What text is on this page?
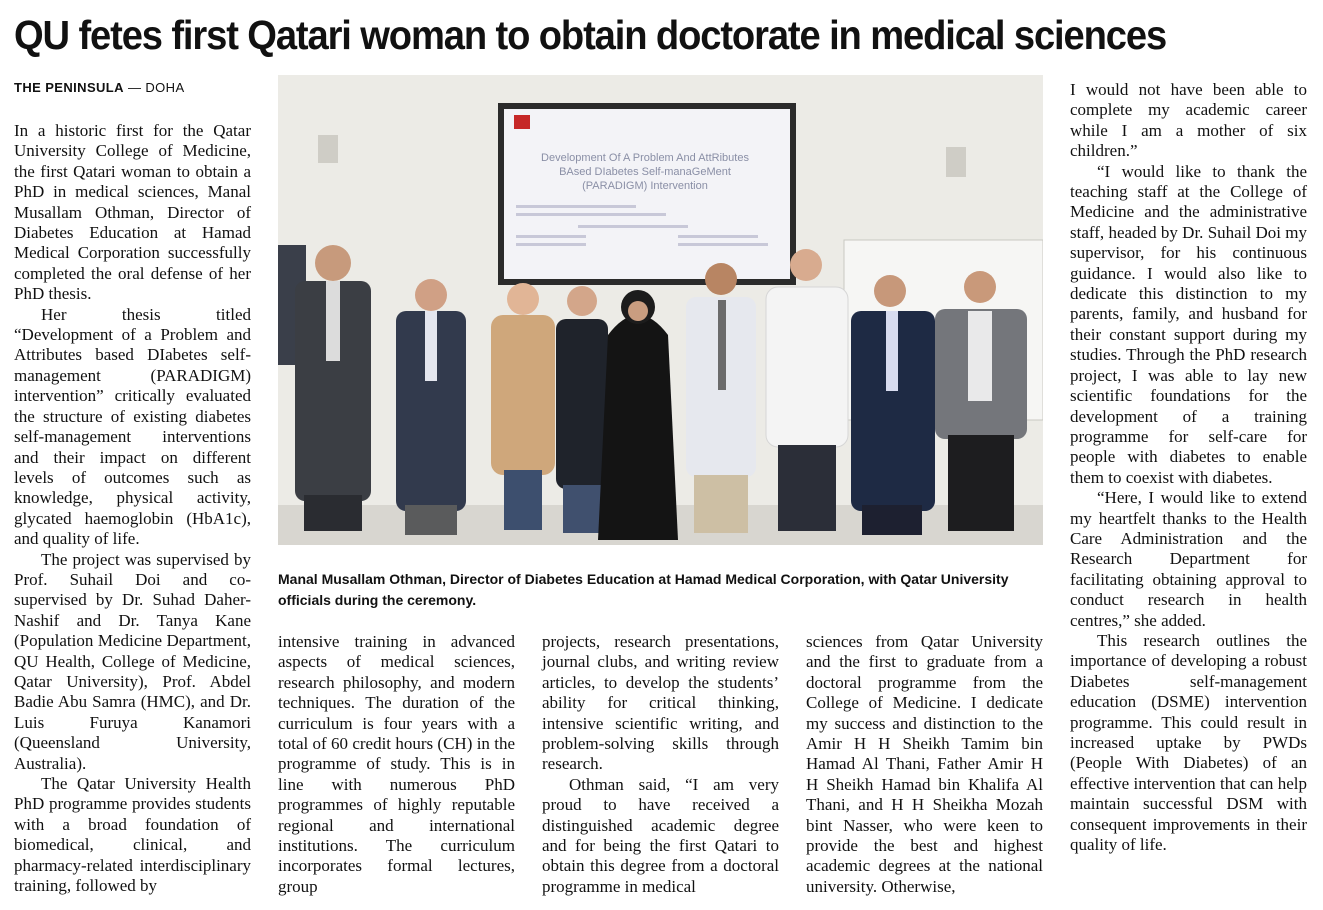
QU fetes first Qatari woman to obtain doctorate in medical sciences
THE PENINSULA — DOHA

In a historic first for the Qatar University College of Medicine, the first Qatari woman to obtain a PhD in medical sciences, Manal Musallam Othman, Director of Diabetes Education at Hamad Medical Corporation successfully completed the oral defense of her PhD thesis.

Her thesis titled “Development of a Problem and Attributes based DIabetes self-management (PARADIGM) intervention” critically evaluated the structure of existing diabetes self-management interventions and their impact on different levels of outcomes such as knowledge, physical activity, glycated haemoglobin (HbA1c), and quality of life.

The project was supervised by Prof. Suhail Doi and co-supervised by Dr. Suhad Daher-Nashif and Dr. Tanya Kane (Population Medicine Department, QU Health, College of Medicine, Qatar University), Prof. Abdel Badie Abu Samra (HMC), and Dr. Luis Furuya Kanamori (Queensland University, Australia).

The Qatar University Health PhD programme provides students with a broad foundation of biomedical, clinical, and pharmacy-related interdisciplinary training, followed by

Development Of A Problem And AttRibutes
BAsed DIabetes Self-manaGeMent
(PARADIGM) Intervention
Manal Musallam Othman, Director of Diabetes Education at Hamad Medical Corporation, with Qatar University officials during the ceremony.

intensive training in advanced aspects of medical sciences, research philosophy, and modern techniques. The duration of the curriculum is four years with a total of 60 credit hours (CH) in the programme of study. This is in line with numerous PhD programmes of highly reputable regional and international institutions. The curriculum incorporates formal lectures, group

projects, research presentations, journal clubs, and writing review articles, to develop the students’ ability for critical thinking, intensive scientific writing, and problem-solving skills through research.

Othman said, “I am very proud to have received a distinguished academic degree and for being the first Qatari to obtain this degree from a doctoral programme in medical

sciences from Qatar University and the first to graduate from a doctoral programme from the College of Medicine. I dedicate my success and distinction to the Amir H H Sheikh Tamim bin Hamad Al Thani, Father Amir H H Sheikh Hamad bin Khalifa Al Thani, and H H Sheikha Mozah bint Nasser, who were keen to provide the best and highest academic degrees at the national university. Otherwise,

I would not have been able to complete my academic career while I am a mother of six children.”

“I would like to thank the teaching staff at the College of Medicine and the administrative staff, headed by Dr. Suhail Doi my supervisor, for his continuous guidance. I would also like to dedicate this distinction to my parents, family, and husband for their constant support during my studies. Through the PhD research project, I was able to lay new scientific foundations for the development of a training programme for self-care for people with diabetes to enable them to coexist with diabetes.

“Here, I would like to extend my heartfelt thanks to the Health Care Administration and the Research Department for facilitating obtaining approval to conduct research in health centres,” she added.

This research outlines the importance of developing a robust Diabetes self-management education (DSME) intervention programme. This could result in increased uptake by PWDs (People With Diabetes) of an effective intervention that can help maintain successful DSM with consequent improvements in their quality of life.
